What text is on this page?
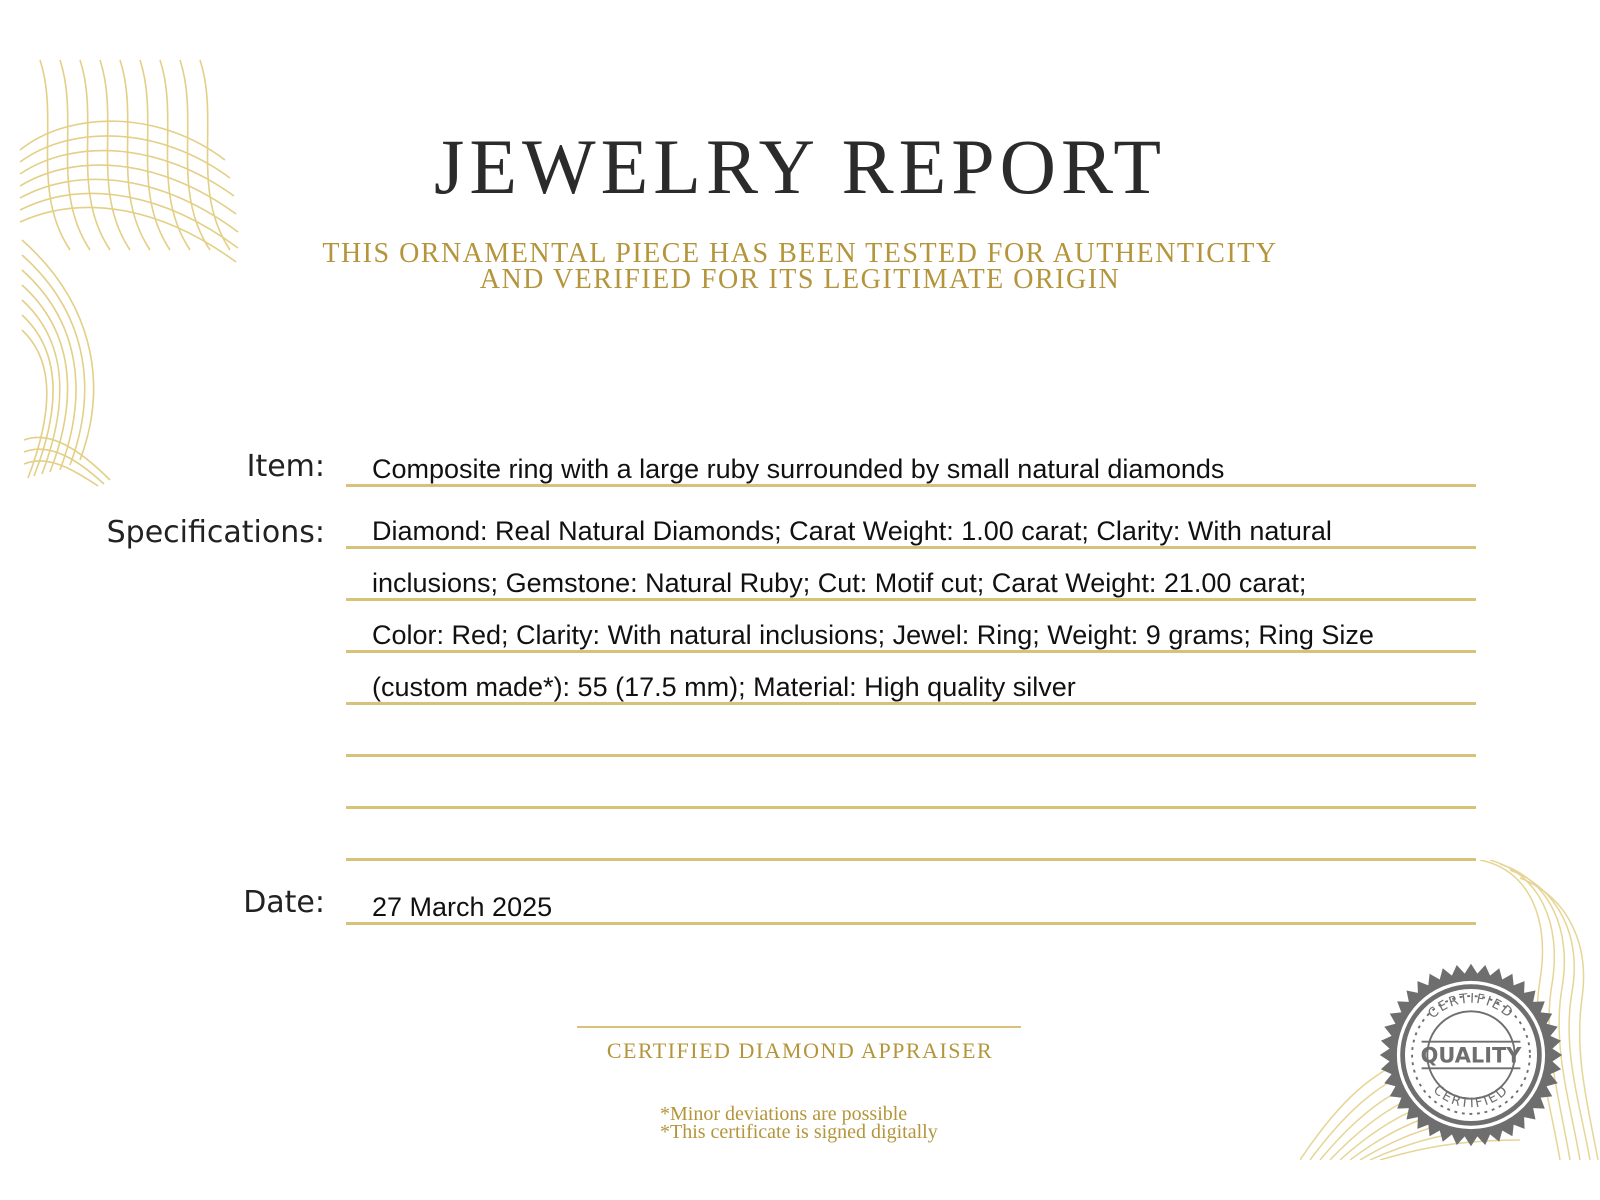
JEWELRY REPORT
THIS ORNAMENTAL PIECE HAS BEEN TESTED FOR AUTHENTICITY
AND VERIFIED FOR ITS LEGITIMATE ORIGIN
Item: Composite ring with a large ruby surrounded by small natural diamonds
Specifications: Diamond: Real Natural Diamonds; Carat Weight: 1.00 carat; Clarity: With natural
inclusions; Gemstone: Natural Ruby; Cut: Motif cut; Carat Weight: 21.00 carat;
Color: Red; Clarity: With natural inclusions; Jewel: Ring; Weight: 9 grams; Ring Size
(custom made*): 55 (17.5 mm); Material: High quality silver
Date: 27 March 2025
CERTIFIED DIAMOND APPRAISER
*Minor deviations are possible
*This certificate is signed digitally
CERTIFIED
CERTIFIED
QUALITY
